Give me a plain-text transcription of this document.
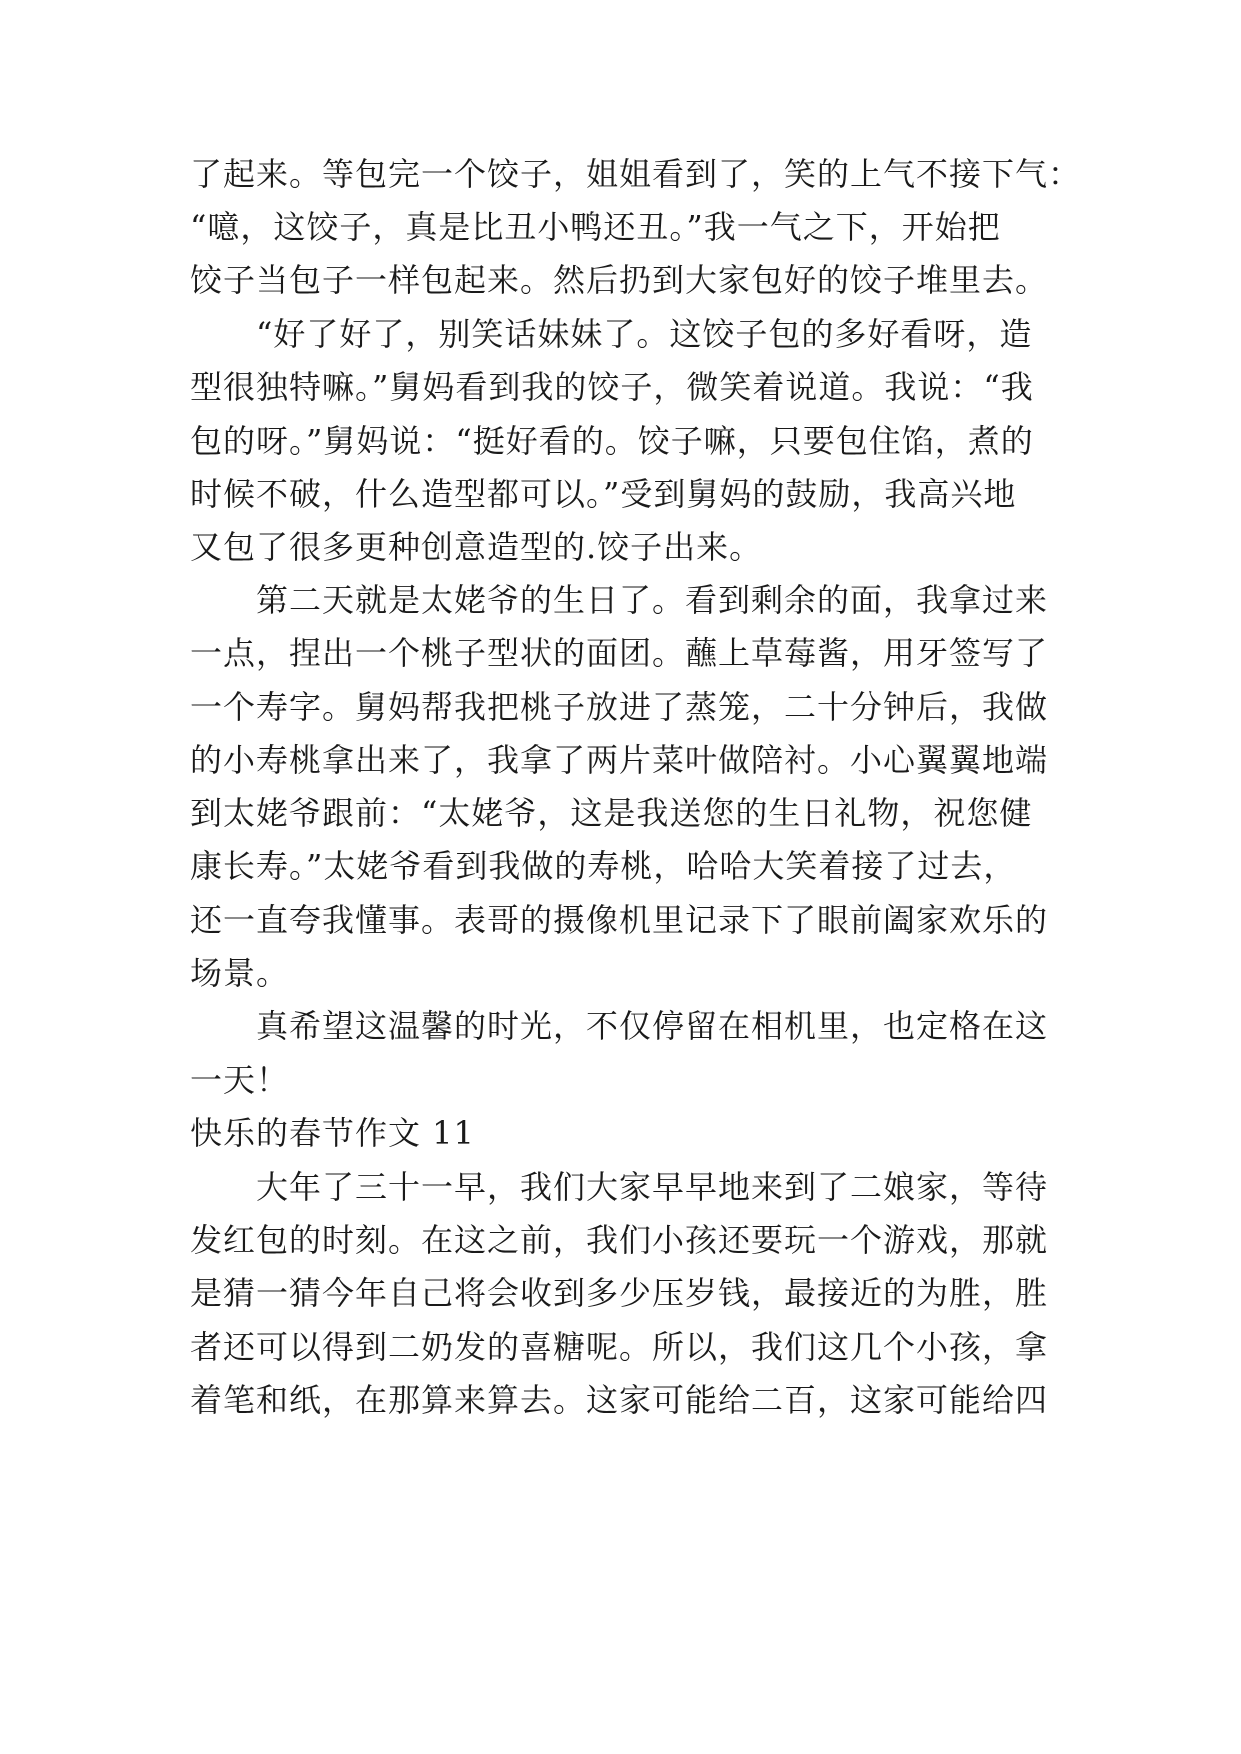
了起来。等包完一个饺子，姐姐看到了，笑的上气不接下气：
“噫，这饺子，真是比丑小鸭还丑。”我一气之下，开始把
饺子当包子一样包起来。然后扔到大家包好的饺子堆里去。
“好了好了，别笑话妹妹了。这饺子包的多好看呀，造
型很独特嘛。”舅妈看到我的饺子，微笑着说道。我说：“我
包的呀。”舅妈说：“挺好看的。饺子嘛，只要包住馅，煮的
时候不破，什么造型都可以。”受到舅妈的鼓励，我高兴地
又包了很多更种创意造型的.饺子出来。
第二天就是太姥爷的生日了。看到剩余的面，我拿过来
一点，捏出一个桃子型状的面团。蘸上草莓酱，用牙签写了
一个寿字。舅妈帮我把桃子放进了蒸笼，二十分钟后，我做
的小寿桃拿出来了，我拿了两片菜叶做陪衬。小心翼翼地端
到太姥爷跟前：“太姥爷，这是我送您的生日礼物，祝您健
康长寿。”太姥爷看到我做的寿桃，哈哈大笑着接了过去，
还一直夸我懂事。表哥的摄像机里记录下了眼前阖家欢乐的
场景。
真希望这温馨的时光，不仅停留在相机里，也定格在这
一天！
快乐的春节作文 11
大年了三十一早，我们大家早早地来到了二娘家，等待
发红包的时刻。在这之前，我们小孩还要玩一个游戏，那就
是猜一猜今年自己将会收到多少压岁钱，最接近的为胜，胜
者还可以得到二奶发的喜糖呢。所以，我们这几个小孩，拿
着笔和纸，在那算来算去。这家可能给二百，这家可能给四
